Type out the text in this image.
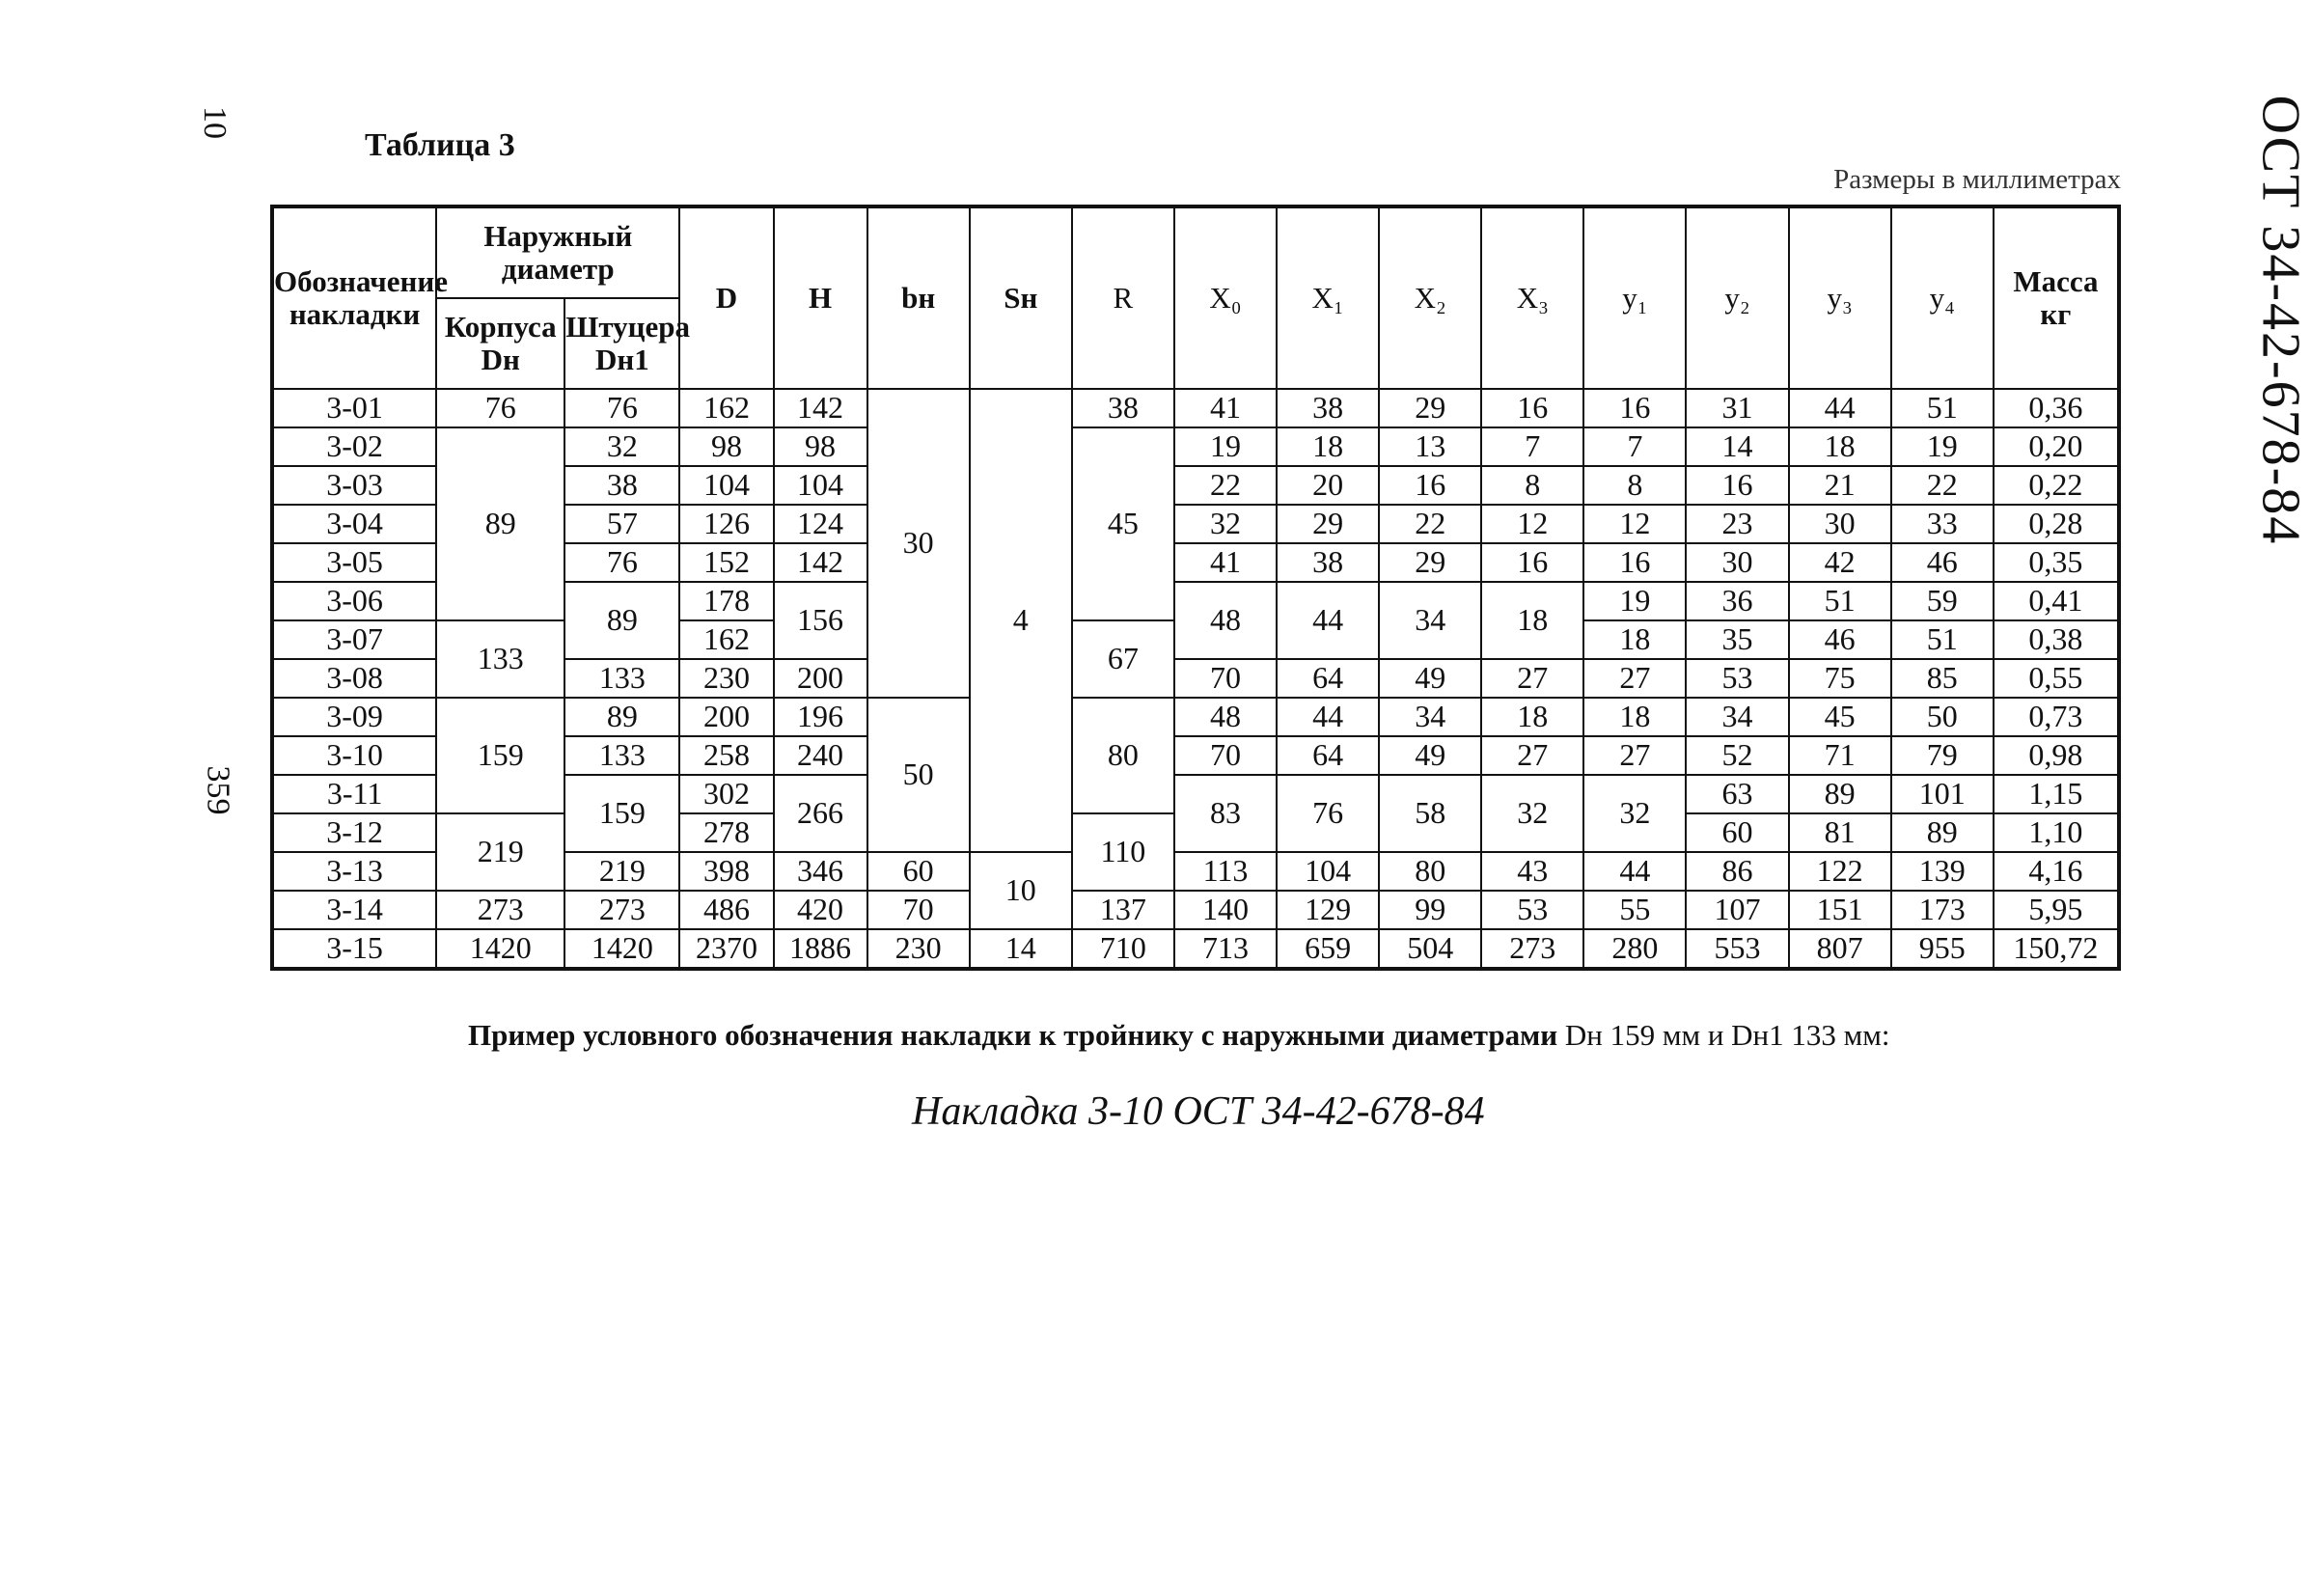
10
359
ОСТ 34-42-678-84
Таблица 3
Размеры в миллиметрах
Обозначение накладки	Наружный диаметр		D	H	bн	Sн	R	X₀	X₁	X₂	X₃	y₁	y₂	y₃	y₄	Масса кг
	Корпуса Dн	Штуцера Dн1														
3-01	76	76	162	142	30	4	38	41	38	29	16	16	31	44	51	0,36
3-02	89	32	98	98			45	19	18	13	7	7	14	18	19	0,20
3-03		38	104	104				22	20	16	8	8	16	21	22	0,22
3-04		57	126	124				32	29	22	12	12	23	30	33	0,28
3-05		76	152	142				41	38	29	16	16	30	42	46	0,35
3-06		89	178	156				48	44	34	18	19	36	51	59	0,41
3-07	133		162				67					18	35	46	51	0,38
3-08		133	230	200				70	64	49	27	27	53	75	85	0,55
3-09	159	89	200	196	50		80	48	44	34	18	18	34	45	50	0,73
3-10		133	258	240				70	64	49	27	27	52	71	79	0,98
3-11		159	302	266				83	76	58	32	32	63	89	101	1,15
3-12	219		278				110						60	81	89	1,10
3-13		219	398	346	60	10		113	104	80	43	44	86	122	139	4,16
3-14	273	273	486	420	70		137	140	129	99	53	55	107	151	173	5,95
3-15	1420	1420	2370	1886	230	14	710	713	659	504	273	280	553	807	955	150,72
Пример условного обозначения накладки к тройнику с наружными диаметрами Dн 159 мм и Dн1 133 мм:
Накладка 3-10 ОСТ 34-42-678-84
